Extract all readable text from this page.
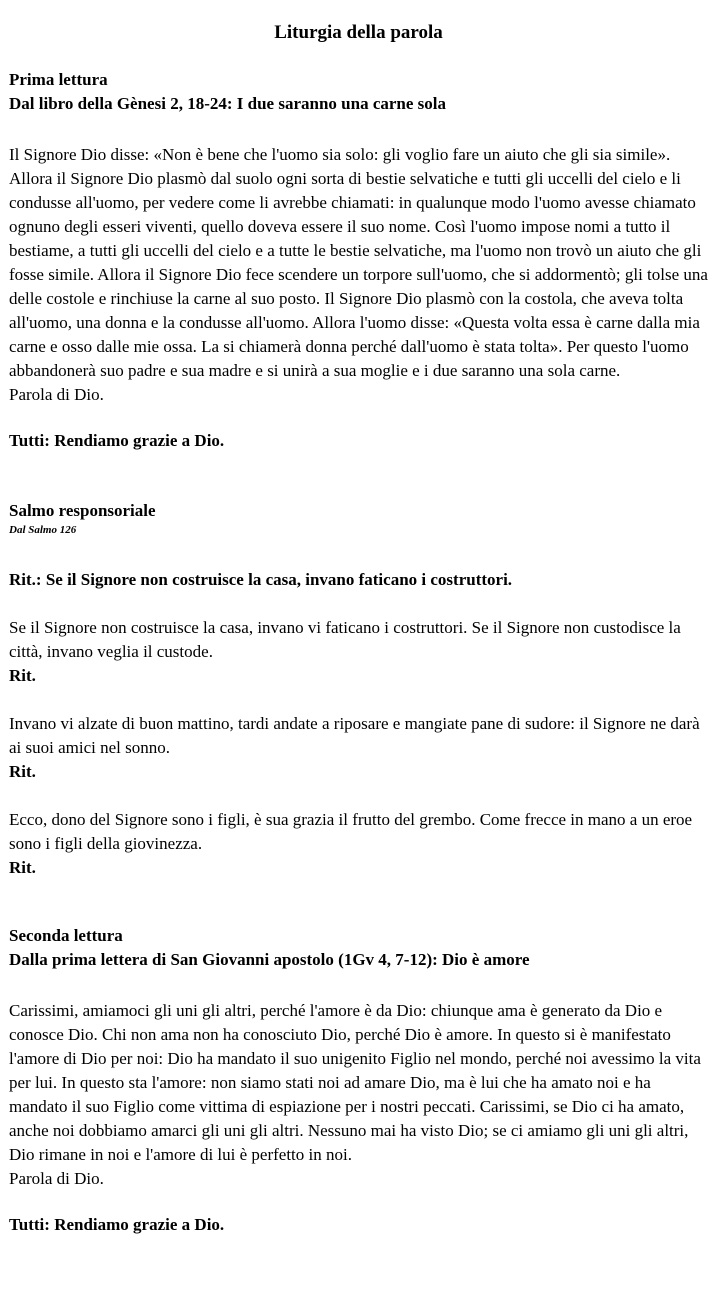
Liturgia della parola
Prima lettura
Dal libro della Gènesi 2, 18-24: I due saranno una carne sola
Il Signore Dio disse: «Non è bene che l'uomo sia solo: gli voglio fare un aiuto che gli sia simile». Allora il Signore Dio plasmò dal suolo ogni sorta di bestie selvatiche e tutti gli uccelli del cielo e li condusse all'uomo, per vedere come li avrebbe chiamati: in qualunque modo l'uomo avesse chiamato ognuno degli esseri viventi, quello doveva essere il suo nome. Così l'uomo impose nomi a tutto il bestiame, a tutti gli uccelli del cielo e a tutte le bestie selvatiche, ma l'uomo non trovò un aiuto che gli fosse simile. Allora il Signore Dio fece scendere un torpore sull'uomo, che si addormentò; gli tolse una delle costole e rinchiuse la carne al suo posto. Il Signore Dio plasmò con la costola, che aveva tolta all'uomo, una donna e la condusse all'uomo. Allora l'uomo disse: «Questa volta essa è carne dalla mia carne e osso dalle mie ossa. La si chiamerà donna perché dall'uomo è stata tolta». Per questo l'uomo abbandonerà suo padre e sua madre e si unirà a sua moglie e i due saranno una sola carne.
Parola di Dio.
Tutti: Rendiamo grazie a Dio.
Salmo responsoriale
Dal Salmo 126
Rit.: Se il Signore non costruisce la casa, invano faticano i costruttori.
Se il Signore non costruisce la casa, invano vi faticano i costruttori. Se il Signore non custodisce la città, invano veglia il custode.
Rit.
Invano vi alzate di buon mattino, tardi andate a riposare e mangiate pane di sudore: il Signore ne darà ai suoi amici nel sonno.
Rit.
Ecco, dono del Signore sono i figli, è sua grazia il frutto del grembo. Come frecce in mano a un eroe sono i figli della giovinezza.
Rit.
Seconda lettura
Dalla prima lettera di San Giovanni apostolo (1Gv 4, 7-12): Dio è amore
Carissimi, amiamoci gli uni gli altri, perché l'amore è da Dio: chiunque ama è generato da Dio e conosce Dio. Chi non ama non ha conosciuto Dio, perché Dio è amore. In questo si è manifestato l'amore di Dio per noi: Dio ha mandato il suo unigenito Figlio nel mondo, perché noi avessimo la vita per lui. In questo sta l'amore: non siamo stati noi ad amare Dio, ma è lui che ha amato noi e ha mandato il suo Figlio come vittima di espiazione per i nostri peccati. Carissimi, se Dio ci ha amato, anche noi dobbiamo amarci gli uni gli altri. Nessuno mai ha visto Dio; se ci amiamo gli uni gli altri, Dio rimane in noi e l'amore di lui è perfetto in noi.
Parola di Dio.
Tutti: Rendiamo grazie a Dio.
